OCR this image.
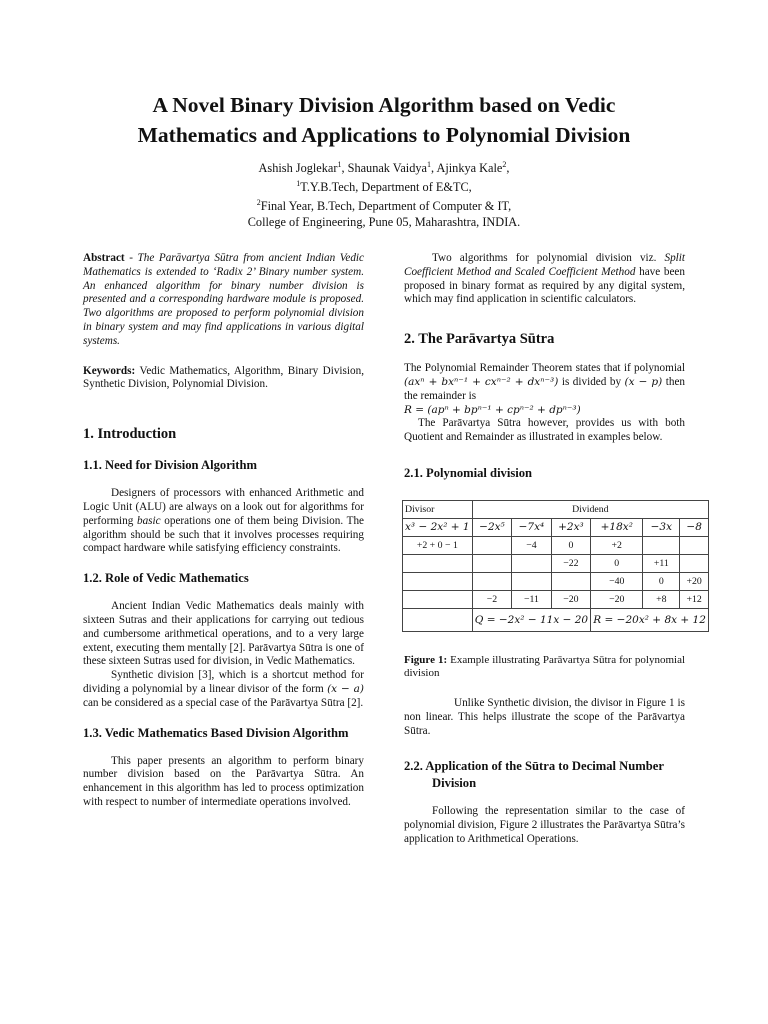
A Novel Binary Division Algorithm based on Vedic
Mathematics and Applications to Polynomial Division
Ashish Joglekar$^1$, Shaunak Vaidya$^1$, Ajinkya Kale$^2$,
$^1$T.Y.B.Tech, Department of E&TC,
$^2$Final Year, B.Tech, Department of Computer & IT,
College of Engineering, Pune 05, Maharashtra, INDIA.

Abstract - The Parāvartya Sūtra from ancient Indian Vedic Mathematics is extended to ‘Radix 2’ Binary number system. An enhanced algorithm for binary number division is presented and a corresponding hardware module is proposed. Two algorithms are proposed to perform polynomial division in binary system and may find applications in various digital systems.

Keywords: Vedic Mathematics, Algorithm, Binary Division, Synthetic Division, Polynomial Division.

1. Introduction
1.1. Need for Division Algorithm

Designers of processors with enhanced Arithmetic and Logic Unit (ALU) are always on a look out for algorithms for performing basic operations one of them being Division. The algorithm should be such that it involves processes requiring compact hardware while satisfying efficiency constraints.

1.2. Role of Vedic Mathematics

Ancient Indian Vedic Mathematics deals mainly with sixteen Sutras and their applications for carrying out tedious and cumbersome arithmetical operations, and to a very large extent, executing them mentally [2]. Parāvartya Sūtra is one of these sixteen Sutras used for division, in Vedic Mathematics.

Synthetic division [3], which is a shortcut method for dividing a polynomial by a linear divisor of the form (x − a) can be considered as a special case of the Parāvartya Sūtra [2].

1.3. Vedic Mathematics Based Division Algorithm

This paper presents an algorithm to perform binary number division based on the Parāvartya Sūtra. An enhancement in this algorithm has led to process optimization with respect to number of intermediate operations involved.

Two algorithms for polynomial division viz. Split Coefficient Method and Scaled Coefficient Method have been proposed in binary format as required by any digital system, which may find application in scientific calculators.

2. The Parāvartya Sūtra

The Polynomial Remainder Theorem states that if polynomial (axⁿ + bxⁿ⁻¹ + cxⁿ⁻² + dxⁿ⁻³) is divided by (x − p) then the remainder is

R = (apⁿ + bpⁿ⁻¹ + cpⁿ⁻² + dpⁿ⁻³)

The Parāvartya Sūtra however, provides us with both Quotient and Remainder as illustrated in examples below.

2.1. Polynomial division
Divisor	Dividend					
x³ − 2x² + 1	−2x⁵	−7x⁴	+2x³	+18x²	−3x	−8
+2 + 0 − 1		−4	0	+2		
			−22	0	+11	
				−40	0	+20
	−2	−11	−20	−20	+8	+12
	Q = −2x² − 11x − 20			R = −20x² + 8x + 12		

Figure 1: Example illustrating Parāvartya Sūtra for polynomial division

Unlike Synthetic division, the divisor in Figure 1 is non linear. This helps illustrate the scope of the Parāvartya Sūtra.

2.2. Application of the Sūtra to Decimal Number Division

Following the representation similar to the case of polynomial division, Figure 2 illustrates the Parāvartya Sūtra’s application to Arithmetical Operations.
